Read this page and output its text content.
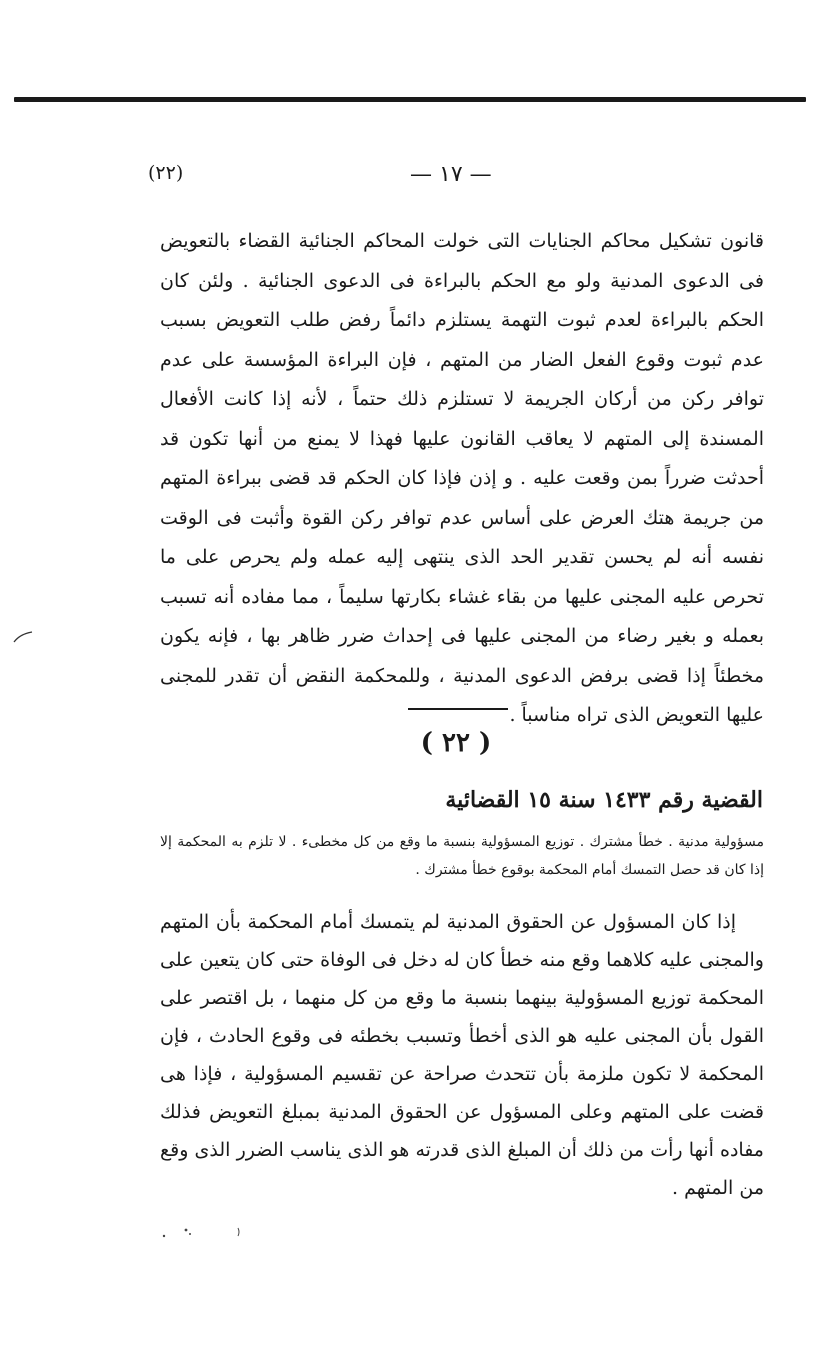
(٢٢)	— ١٧ —

قانون تشكيل محاكم الجنايات التى خولت المحاكم الجنائية القضاء بالتعويض فى الدعوى المدنية ولو مع الحكم بالبراءة فى الدعوى الجنائية . ولئن كان الحكم بالبراءة لعدم ثبوت التهمة يستلزم دائماً رفض طلب التعويض بسبب عدم ثبوت وقوع الفعل الضار من المتهم ، فإن البراءة المؤسسة على عدم توافر ركن من أركان الجريمة لا تستلزم ذلك حتماً ، لأنه إذا كانت الأفعال المسندة إلى المتهم لا يعاقب القانون عليها فهذا لا يمنع من أنها تكون قد أحدثت ضرراً بمن وقعت عليه . و إذن فإذا كان الحكم قد قضى ببراءة المتهم من جريمة هتك العرض على أساس عدم توافر ركن القوة وأثبت فى الوقت نفسه أنه لم يحسن تقدير الحد الذى ينتهى إليه عمله ولم يحرص على ما تحرص عليه المجنى عليها من بقاء غشاء بكارتها سليماً ، مما مفاده أنه تسبب بعمله و بغير رضاء من المجنى عليها فى إحداث ضرر ظاهر بها ، فإنه يكون مخطئاً إذا قضى برفض الدعوى المدنية ، وللمحكمة النقض أن تقدر للمجنى عليها التعويض الذى تراه مناسباً .

( ٢٢ )
القضية رقم ١٤٣٣ سنة ١٥ القضائية

مسؤولية مدنية . خطأ مشترك . توزيع المسؤولية بنسبة ما وقع من كل مخطىء . لا تلزم به المحكمة إلا إذا كان قد حصل التمسك أمام المحكمة بوقوع خطأ مشترك .

إذا كان المسؤول عن الحقوق المدنية لم يتمسك أمام المحكمة بأن المتهم والمجنى عليه كلاهما وقع منه خطأ كان له دخل فى الوفاة حتى كان يتعين على المحكمة توزيع المسؤولية بينهما بنسبة ما وقع من كل منهما ، بل اقتصر على القول بأن المجنى عليه هو الذى أخطأ وتسبب بخطئه فى وقوع الحادث ، فإن المحكمة لا تكون ملزمة بأن تتحدث صراحة عن تقسيم المسؤولية ، فإذا هى قضت على المتهم وعلى المسؤول عن الحقوق المدنية بمبلغ التعويض فذلك مفاده أنها رأت من ذلك أن المبلغ الذى قدرته هو الذى يناسب الضرر الذى وقع من المتهم .
